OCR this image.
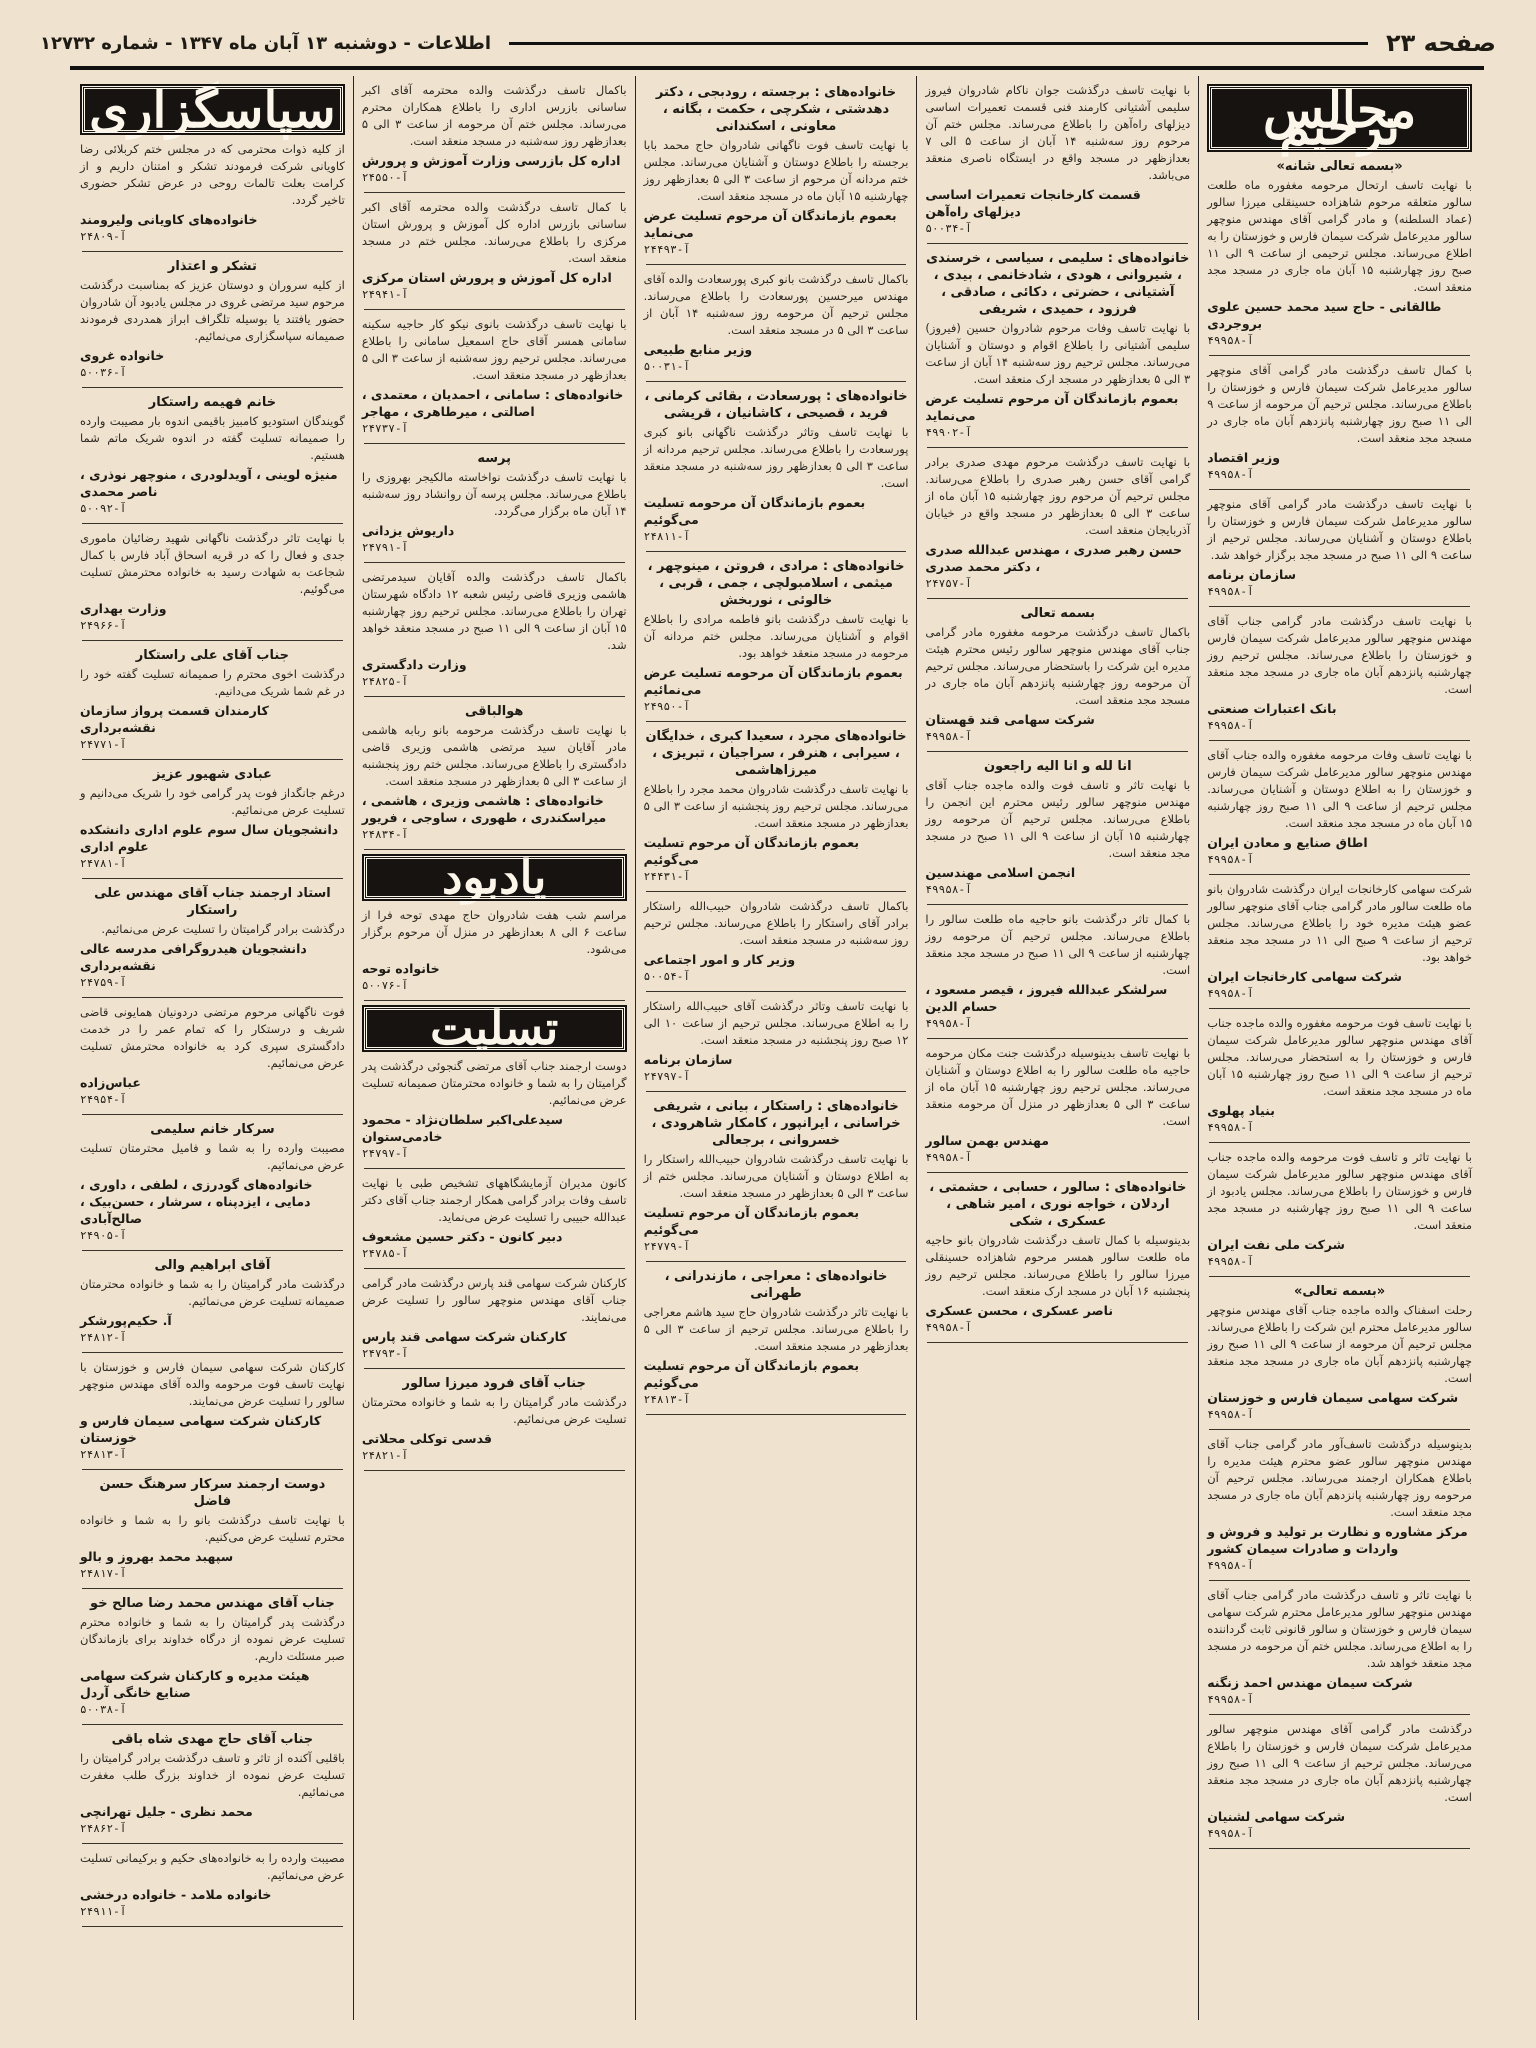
صفحه ۲۳
اطلاعات - دوشنبه ۱۳ آبان ماه ۱۳۴۷ - شماره ۱۲۷۳۲
مجالس ترحیم
«بسمه تعالی شانه»
با نهایت تاسف ارتحال مرحومه مغفوره ماه طلعت سالور متعلقه مرحوم شاهزاده حسینقلی میرزا سالور (عماد السلطنه) و مادر گرامی آقای مهندس منوچهر سالور مدیرعامل شرکت سیمان فارس و خوزستان را به اطلاع می‌رساند. مجلس ترحیمی از ساعت ۹ الی ۱۱ صبح روز چهارشنبه ۱۵ آبان ماه جاری در مسجد مجد منعقد است.
طالقانی - حاج سید محمد حسین علوی بروجردی
آ-۴۹۹۵۸
با کمال تاسف درگذشت مادر گرامی آقای منوچهر سالور مدیرعامل شرکت سیمان فارس و خوزستان را باطلاع می‌رساند. مجلس ترحیم آن مرحومه از ساعت ۹ الی ۱۱ صبح روز چهارشنبه پانزدهم آبان ماه جاری در مسجد مجد منعقد است.
وزیر اقتصاد
آ-۴۹۹۵۸
با نهایت تاسف درگذشت مادر گرامی آقای منوچهر سالور مدیرعامل شرکت سیمان فارس و خوزستان را باطلاع دوستان و آشنایان می‌رساند. مجلس ترحیم از ساعت ۹ الی ۱۱ صبح در مسجد مجد برگزار خواهد شد.
سازمان برنامه
آ-۴۹۹۵۸
با نهایت تاسف درگذشت مادر گرامی جناب آقای مهندس منوچهر سالور مدیرعامل شرکت سیمان فارس و خوزستان را باطلاع می‌رساند. مجلس ترحیم روز چهارشنبه پانزدهم آبان ماه جاری در مسجد مجد منعقد است.
بانک اعتبارات صنعتی
آ-۴۹۹۵۸
با نهایت تاسف وفات مرحومه مغفوره والده جناب آقای مهندس منوچهر سالور مدیرعامل شرکت سیمان فارس و خوزستان را به اطلاع دوستان و آشنایان می‌رساند. مجلس ترحیم از ساعت ۹ الی ۱۱ صبح روز چهارشنبه ۱۵ آبان ماه در مسجد مجد منعقد است.
اطاق صنایع و معادن ایران
آ-۴۹۹۵۸
شرکت سهامی کارخانجات ایران درگذشت شادروان بانو ماه طلعت سالور مادر گرامی جناب آقای منوچهر سالور عضو هیئت مدیره خود را باطلاع می‌رساند. مجلس ترحیم از ساعت ۹ صبح الی ۱۱ در مسجد مجد منعقد خواهد بود.
شرکت سهامی کارخانجات ایران
آ-۴۹۹۵۸
با نهایت تاسف فوت مرحومه مغفوره والده ماجده جناب آقای مهندس منوچهر سالور مدیرعامل شرکت سیمان فارس و خوزستان را به استحضار می‌رساند. مجلس ترحیم از ساعت ۹ الی ۱۱ صبح روز چهارشنبه ۱۵ آبان ماه در مسجد مجد منعقد است.
بنیاد پهلوی
آ-۴۹۹۵۸
با نهایت تاثر و تاسف فوت مرحومه والده ماجده جناب آقای مهندس منوچهر سالور مدیرعامل شرکت سیمان فارس و خوزستان را باطلاع می‌رساند. مجلس یادبود از ساعت ۹ الی ۱۱ صبح روز چهارشنبه در مسجد مجد منعقد است.
شرکت ملی نفت ایران
آ-۴۹۹۵۸
«بسمه تعالی»
رحلت اسفناک والده ماجده جناب آقای مهندس منوچهر سالور مدیرعامل محترم این شرکت را باطلاع می‌رساند. مجلس ترحیم آن مرحومه از ساعت ۹ الی ۱۱ صبح روز چهارشنبه پانزدهم آبان ماه جاری در مسجد مجد منعقد است.
شرکت سهامی سیمان فارس و خوزستان
آ-۴۹۹۵۸
بدینوسیله درگذشت تاسف‌آور مادر گرامی جناب آقای مهندس منوچهر سالور عضو محترم هیئت مدیره را باطلاع همکاران ارجمند می‌رساند. مجلس ترحیم آن مرحومه روز چهارشنبه پانزدهم آبان ماه جاری در مسجد مجد منعقد است.
مرکز مشاوره و نظارت بر تولید و فروش و واردات و صادرات سیمان کشور
آ-۴۹۹۵۸
با نهایت تاثر و تاسف درگذشت مادر گرامی جناب آقای مهندس منوچهر سالور مدیرعامل محترم شرکت سهامی سیمان فارس و خوزستان و سالور قانونی ثابت گرداننده را به اطلاع می‌رساند. مجلس ختم آن مرحومه در مسجد مجد منعقد خواهد شد.
شرکت سیمان مهندس احمد زنگنه
آ-۴۹۹۵۸
درگذشت مادر گرامی آقای مهندس منوچهر سالور مدیرعامل شرکت سیمان فارس و خوزستان را باطلاع می‌رساند. مجلس ترحیم از ساعت ۹ الی ۱۱ صبح روز چهارشنبه پانزدهم آبان ماه جاری در مسجد مجد منعقد است.
شرکت سهامی لشنیان
آ-۴۹۹۵۸
با نهایت تاسف درگذشت جوان ناکام شادروان فیروز سلیمی آشتیانی کارمند فنی قسمت تعمیرات اساسی دیزلهای راه‌آهن را باطلاع می‌رساند. مجلس ختم آن مرحوم روز سه‌شنبه ۱۴ آبان از ساعت ۵ الی ۷ بعدازظهر در مسجد واقع در ایستگاه ناصری منعقد می‌باشد.
قسمت کارخانجات تعمیرات اساسی دیزلهای راه‌آهن
آ-۵۰۰۳۴
خانواده‌های : سلیمی ، سیاسی ، خرسندی ، شیروانی ، هودی ، شادخانمی ، بیدی ، آشتیانی ، حضرتی ، دکائی ، صادقی ، فرزود ، حمیدی ، شریفی
با نهایت تاسف وفات مرحوم شادروان حسین (فیروز) سلیمی آشتیانی را باطلاع اقوام و دوستان و آشنایان می‌رساند. مجلس ترحیم روز سه‌شنبه ۱۴ آبان از ساعت ۳ الی ۵ بعدازظهر در مسجد ارک منعقد است.
بعموم بازماندگان آن مرحوم تسلیت عرض می‌نماید
آ-۴۹۹۰۲
با نهایت تاسف درگذشت مرحوم مهدی صدری برادر گرامی آقای حسن رهبر صدری را باطلاع می‌رساند. مجلس ترحیم آن مرحوم روز چهارشنبه ۱۵ آبان ماه از ساعت ۳ الی ۵ بعدازظهر در مسجد واقع در خیابان آذربایجان منعقد است.
حسن رهبر صدری ، مهندس عبدالله صدری ، دکتر محمد صدری
آ-۲۴۷۵۷
بسمه تعالی
باکمال تاسف درگذشت مرحومه مغفوره مادر گرامی جناب آقای مهندس منوچهر سالور رئیس محترم هیئت مدیره این شرکت را باستحضار می‌رساند. مجلس ترحیم آن مرحومه روز چهارشنبه پانزدهم آبان ماه جاری در مسجد مجد منعقد است.
شرکت سهامی قند قهستان
آ-۴۹۹۵۸
انا لله و انا الیه راجعون
با نهایت تاثر و تاسف فوت والده ماجده جناب آقای مهندس منوچهر سالور رئیس محترم این انجمن را باطلاع می‌رساند. مجلس ترحیم آن مرحومه روز چهارشنبه ۱۵ آبان از ساعت ۹ الی ۱۱ صبح در مسجد مجد منعقد است.
انجمن اسلامی مهندسین
آ-۴۹۹۵۸
با کمال تاثر درگذشت بانو حاجیه ماه طلعت سالور را باطلاع می‌رساند. مجلس ترحیم آن مرحومه روز چهارشنبه از ساعت ۹ الی ۱۱ صبح در مسجد مجد منعقد است.
سرلشکر عبدالله فیروز ، قیصر مسعود ، حسام الدین
آ-۴۹۹۵۸
با نهایت تاسف بدینوسیله درگذشت جنت مکان مرحومه حاجیه ماه طلعت سالور را به اطلاع دوستان و آشنایان می‌رساند. مجلس ترحیم روز چهارشنبه ۱۵ آبان ماه از ساعت ۳ الی ۵ بعدازظهر در منزل آن مرحومه منعقد است.
مهندس بهمن سالور
آ-۴۹۹۵۸
خانواده‌های : سالور ، حسابی ، حشمتی ، اردلان ، خواجه نوری ، امیر شاهی ، عسکری ، شکی
بدینوسیله با کمال تاسف درگذشت شادروان بانو حاجیه ماه طلعت سالور همسر مرحوم شاهزاده حسینقلی میرزا سالور را باطلاع می‌رساند. مجلس ترحیم روز پنجشنبه ۱۶ آبان در مسجد ارک منعقد است.
ناصر عسکری ، محسن عسکری
آ-۴۹۹۵۸
خانواده‌های : برجسته ، رودبجی ، دکتر دهدشتی ، شکرچی ، حکمت ، بگانه ، معاونی ، اسکندانی
با نهایت تاسف فوت ناگهانی شادروان حاج محمد بابا برجسته را باطلاع دوستان و آشنایان می‌رساند. مجلس ختم مردانه آن مرحوم از ساعت ۳ الی ۵ بعدازظهر روز چهارشنبه ۱۵ آبان ماه در مسجد منعقد است.
بعموم بازماندگان آن مرحوم تسلیت عرض می‌نماید
آ-۲۴۴۹۳
باکمال تاسف درگذشت بانو کبری پورسعادت والده آقای مهندس میرحسین پورسعادت را باطلاع می‌رساند. مجلس ترحیم آن مرحومه روز سه‌شنبه ۱۴ آبان از ساعت ۳ الی ۵ در مسجد منعقد است.
وزیر منابع طبیعی
آ-۵۰۰۳۱
خانواده‌های : پورسعادت ، بقائی کرمانی ، فرید ، قصیحی ، کاشانیان ، قریشی
با نهایت تاسف وتاثر درگذشت ناگهانی بانو کبری پورسعادت را باطلاع می‌رساند. مجلس ترحیم مردانه از ساعت ۳ الی ۵ بعدازظهر روز سه‌شنبه در مسجد منعقد است.
بعموم بازماندگان آن مرحومه تسلیت می‌گوئیم
آ-۲۴۸۱۱
خانواده‌های : مرادی ، فروتن ، مینوچهر ، میثمی ، اسلامبولچی ، جمی ، قربی ، خالوئی ، نوربخش
با نهایت تاسف درگذشت بانو فاطمه مرادی را باطلاع اقوام و آشنایان می‌رساند. مجلس ختم مردانه آن مرحومه در مسجد منعقد خواهد بود.
بعموم بازماندگان آن مرحومه تسلیت عرض می‌نمائیم
آ-۲۴۹۵۰
خانواده‌های مجرد ، سعیدا کبری ، خدایگان ، سیرابی ، هنرفر ، سراجیان ، تبریزی ، میرزاهاشمی
با نهایت تاسف درگذشت شادروان محمد مجرد را باطلاع می‌رساند. مجلس ترحیم روز پنجشنبه از ساعت ۳ الی ۵ بعدازظهر در مسجد منعقد است.
بعموم بازماندگان آن مرحوم تسلیت می‌گوئیم
آ-۲۴۴۳۱
باکمال تاسف درگذشت شادروان حبیب‌الله راستکار برادر آقای راستکار را باطلاع می‌رساند. مجلس ترحیم روز سه‌شنبه در مسجد منعقد است.
وزیر کار و امور اجتماعی
آ-۵۰۰۵۴
با نهایت تاسف وتاثر درگذشت آقای حبیب‌الله راستکار را به اطلاع می‌رساند. مجلس ترحیم از ساعت ۱۰ الی ۱۲ صبح روز پنجشنبه در مسجد منعقد است.
سازمان برنامه
آ-۲۴۷۹۷
خانواده‌های : راستکار ، بیانی ، شریفی خراسانی ، ایرانپور ، کامکار شاهرودی ، خسروانی ، برجعالی
با نهایت تاسف درگذشت شادروان حبیب‌الله راستکار را به اطلاع دوستان و آشنایان می‌رساند. مجلس ختم از ساعت ۳ الی ۵ بعدازظهر در مسجد منعقد است.
بعموم بازماندگان آن مرحوم تسلیت می‌گوئیم
آ-۲۴۷۷۹
خانواده‌های : معراجی ، مازندرانی ، طهرانی
با نهایت تاثر درگذشت شادروان حاج سید هاشم معراجی را باطلاع می‌رساند. مجلس ترحیم از ساعت ۳ الی ۵ بعدازظهر در مسجد منعقد است.
بعموم بازماندگان آن مرحوم تسلیت می‌گوئیم
آ-۲۴۸۱۳
باکمال تاسف درگذشت والده محترمه آقای اکبر ساسانی بازرس اداری را باطلاع همکاران محترم می‌رساند. مجلس ختم آن مرحومه از ساعت ۳ الی ۵ بعدازظهر روز سه‌شنبه در مسجد منعقد است.
اداره کل بازرسی وزارت آموزش و پرورش
آ-۲۴۵۵۰
با کمال تاسف درگذشت والده محترمه آقای اکبر ساسانی بازرس اداره کل آموزش و پرورش استان مرکزی را باطلاع می‌رساند. مجلس ختم در مسجد منعقد است.
اداره کل آموزش و پرورش استان مرکزی
آ-۲۴۹۴۱
با نهایت تاسف درگذشت بانوی نیکو کار حاجیه سکینه سامانی همسر آقای حاج اسمعیل سامانی را باطلاع می‌رساند. مجلس ترحیم روز سه‌شنبه از ساعت ۳ الی ۵ بعدازظهر در مسجد منعقد است.
خانواده‌های : سامانی ، احمدیان ، معتمدی ، اصالتی ، میرطاهری ، مهاجر
آ-۲۴۷۳۷
پرسه
با نهایت تاسف درگذشت نواخاسته مالکیجر بهروزی را باطلاع می‌رساند. مجلس پرسه آن روانشاد روز سه‌شنبه ۱۴ آبان ماه برگزار می‌گردد.
داریوش یزدانی
آ-۲۴۷۹۱
باکمال تاسف درگذشت والده آقایان سیدمرتضی هاشمی وزیری قاضی رئیس شعبه ۱۲ دادگاه شهرستان تهران را باطلاع می‌رساند. مجلس ترحیم روز چهارشنبه ۱۵ آبان از ساعت ۹ الی ۱۱ صبح در مسجد منعقد خواهد شد.
وزارت دادگستری
آ-۲۴۸۲۵
هوالباقی
با نهایت تاسف درگذشت مرحومه بانو ربابه هاشمی مادر آقایان سید مرتضی هاشمی وزیری قاضی دادگستری را باطلاع می‌رساند. مجلس ختم روز پنجشنبه از ساعت ۳ الی ۵ بعدازظهر در مسجد منعقد است.
خانواده‌های : هاشمی وزیری ، هاشمی ، میراسکندری ، طهوری ، ساوجی ، فریور
آ-۲۴۸۳۴
یادبود
مراسم شب هفت شادروان حاج مهدی توحه فرا از ساعت ۶ الی ۸ بعدازظهر در منزل آن مرحوم برگزار می‌شود.
خانواده توحه
آ-۵۰۰۷۶
تسلیت
دوست ارجمند جناب آقای مرتضی گنجوئی درگذشت پدر گرامیتان را به شما و خانواده محترمتان صمیمانه تسلیت عرض می‌نمائیم.
سیدعلی‌اکبر سلطان‌نژاد - محمود خادمی‌ستوان
آ-۲۴۷۹۷
کانون مدیران آزمایشگاههای تشخیص طبی با نهایت تاسف وفات برادر گرامی همکار ارجمند جناب آقای دکتر عبدالله حبیبی را تسلیت عرض می‌نماید.
دبیر کانون - دکتر حسین مشعوف
آ-۲۴۷۸۵
کارکنان شرکت سهامی قند پارس درگذشت مادر گرامی جناب آقای مهندس منوچهر سالور را تسلیت عرض می‌نمایند.
کارکنان شرکت سهامی قند پارس
آ-۲۴۷۹۳
جناب آقای فرود میرزا سالور
درگذشت مادر گرامیتان را به شما و خانواده محترمتان تسلیت عرض می‌نمائیم.
قدسی توکلی محلاتی
آ-۲۴۸۲۱
سپاسگزاری
از کلیه ذوات محترمی که در مجلس ختم کربلائی رضا کاویانی شرکت فرمودند تشکر و امتنان داریم و از کرامت بعلت تالمات روحی در عرض تشکر حضوری تاخیر گردد.
خانواده‌های کاویانی ولیرومند
آ-۲۴۸۰۹
تشکر و اعتذار
از کلیه سروران و دوستان عزیز که بمناسبت درگذشت مرحوم سید مرتضی غروی در مجلس یادبود آن شادروان حضور یافتند یا بوسیله تلگراف ابراز همدردی فرمودند صمیمانه سپاسگزاری می‌نمائیم.
خانواده غروی
آ-۵۰۰۳۶
خانم فهیمه راستکار
گویندگان استودیو کامبیز باقیمی اندوه بار مصیبت وارده را صمیمانه تسلیت گفته در اندوه شریک ماتم شما هستیم.
منیژه لوینی ، آویدلودری ، منوچهر نوذری ، ناصر محمدی
آ-۵۰۰۹۲
با نهایت تاثر درگذشت ناگهانی شهید رضائیان ماموری جدی و فعال را که در قریه اسحاق آباد فارس با کمال شجاعت به شهادت رسید به خانواده محترمش تسلیت می‌گوئیم.
وزارت بهداری
آ-۲۴۹۶۶
جناب آقای علی راستکار
درگذشت اخوی محترم را صمیمانه تسلیت گفته خود را در غم شما شریک می‌دانیم.
کارمندان قسمت پرواز سازمان نقشه‌برداری
آ-۲۴۷۷۱
عبادی شهیور عزیز
درغم جانگداز فوت پدر گرامی خود را شریک می‌دانیم و تسلیت عرض می‌نمائیم.
دانشجویان سال سوم علوم اداری دانشکده علوم اداری
آ-۲۴۷۸۱
استاد ارجمند جناب آقای مهندس علی راستکار
درگذشت برادر گرامیتان را تسلیت عرض می‌نمائیم.
دانشجویان هیدروگرافی مدرسه عالی نقشه‌برداری
آ-۲۴۷۵۹
فوت ناگهانی مرحوم مرتضی دردونیان همایونی قاضی شریف و درستکار را که تمام عمر را در خدمت دادگستری سپری کرد به خانواده محترمش تسلیت عرض می‌نمائیم.
عباس‌زاده
آ-۲۴۹۵۴
سرکار خانم سلیمی
مصیبت وارده را به شما و فامیل محترمتان تسلیت عرض می‌نمائیم.
خانواده‌های گودرزی ، لطفی ، داوری ، دمایی ، ایزدپناه ، سرشار ، حسن‌بیک ، صالح‌آبادی
آ-۲۴۹۰۵
آقای ابراهیم والی
درگذشت مادر گرامیتان را به شما و خانواده محترمتان صمیمانه تسلیت عرض می‌نمائیم.
آ. حکیم‌پورشکر
آ-۲۴۸۱۲
کارکنان شرکت سهامی سیمان فارس و خوزستان با نهایت تاسف فوت مرحومه والده آقای مهندس منوچهر سالور را تسلیت عرض می‌نمایند.
کارکنان شرکت سهامی سیمان فارس و خوزستان
آ-۲۴۸۱۳
دوست ارجمند سرکار سرهنگ حسن فاضل
با نهایت تاسف درگذشت بانو را به شما و خانواده محترم تسلیت عرض می‌کنیم.
سپهبد محمد بهروز و بالو
آ-۲۴۸۱۷
جناب آقای مهندس محمد رضا صالح خو
درگذشت پدر گرامیتان را به شما و خانواده محترم تسلیت عرض نموده از درگاه خداوند برای بازماندگان صبر مسئلت داریم.
هیئت مدیره و کارکنان شرکت سهامی صنایع خانگی آردل
آ-۵۰۰۳۸
جناب آقای حاج مهدی شاه باقی
باقلبی آکنده از تاثر و تاسف درگذشت برادر گرامیتان را تسلیت عرض نموده از خداوند بزرگ طلب مغفرت می‌نمائیم.
محمد نظری - جلیل تهرانچی
آ-۲۴۸۶۲
مصیبت وارده را به خانواده‌های حکیم و برکیمانی تسلیت عرض می‌نمائیم.
خانواده ملامد - خانواده درخشی
آ-۲۴۹۱۱
